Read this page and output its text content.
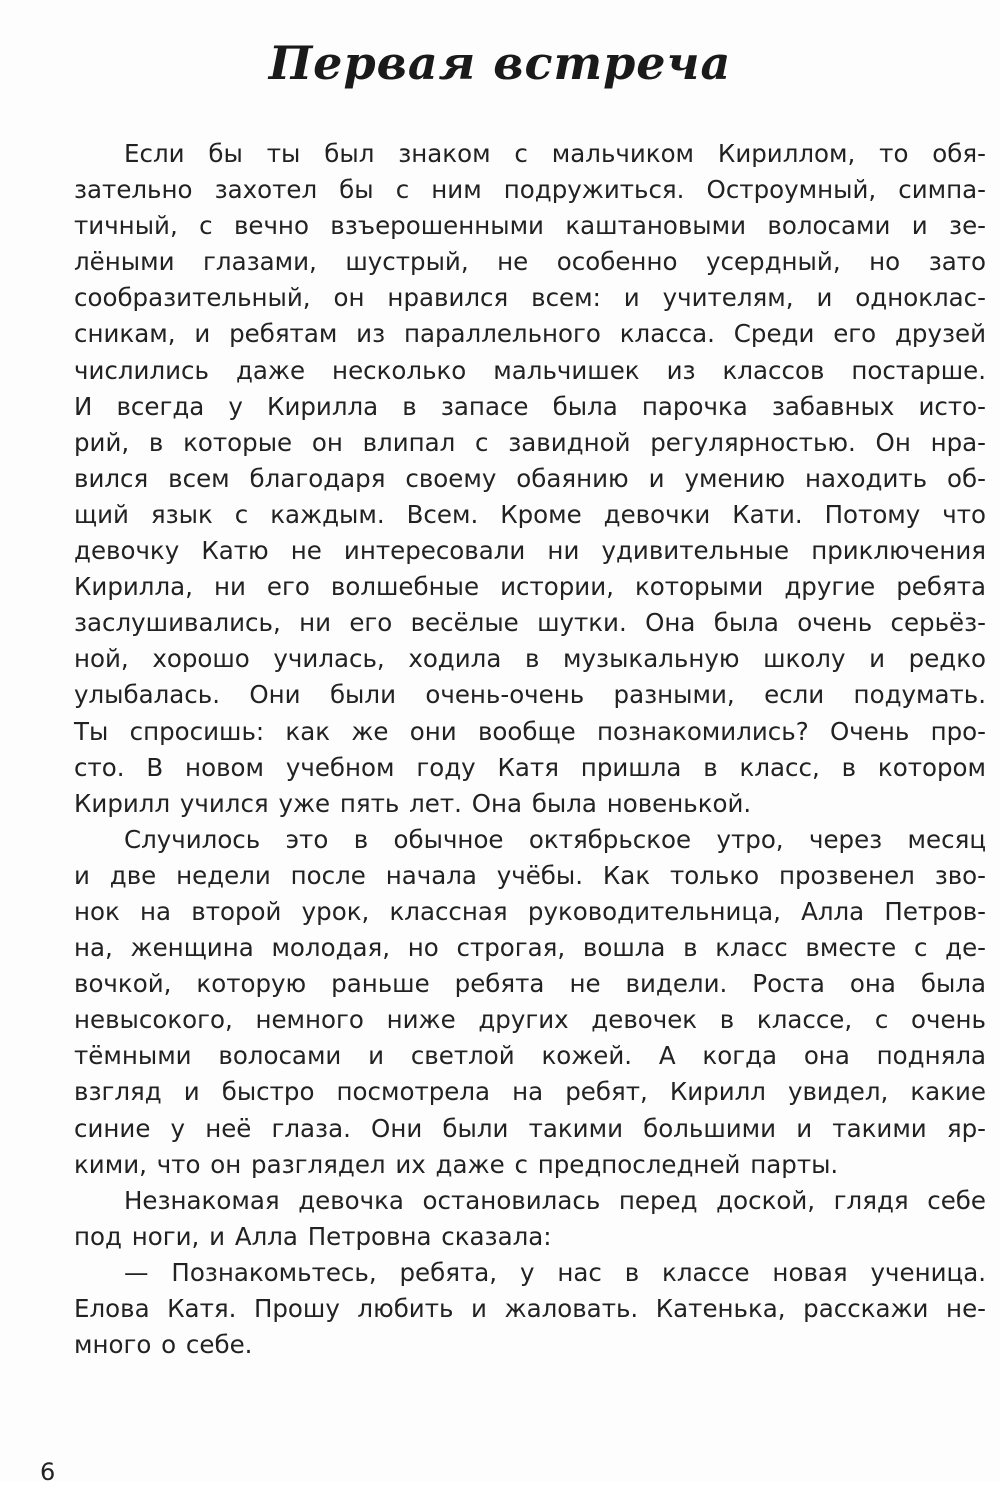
Первая встреча
Если бы ты был знаком с мальчиком Кириллом, то обя-
зательно захотел бы с ним подружиться. Остроумный, симпа-
тичный, с вечно взъерошенными каштановыми волосами и зе-
лёными глазами, шустрый, не особенно усердный, но зато
сообразительный, он нравился всем: и учителям, и одноклас-
сникам, и ребятам из параллельного класса. Среди его друзей
числились даже несколько мальчишек из классов постарше.
И всегда у Кирилла в запасе была парочка забавных исто-
рий, в которые он влипал с завидной регулярностью. Он нра-
вился всем благодаря своему обаянию и умению находить об-
щий язык с каждым. Всем. Кроме девочки Кати. Потому что
девочку Катю не интересовали ни удивительные приключения
Кирилла, ни его волшебные истории, которыми другие ребята
заслушивались, ни его весёлые шутки. Она была очень серьёз-
ной, хорошо училась, ходила в музыкальную школу и редко
улыбалась. Они были очень-очень разными, если подумать.
Ты спросишь: как же они вообще познакомились? Очень про-
сто. В новом учебном году Катя пришла в класс, в котором
Кирилл учился уже пять лет. Она была новенькой.
Случилось это в обычное октябрьское утро, через месяц
и две недели после начала учёбы. Как только прозвенел зво-
нок на второй урок, классная руководительница, Алла Петров-
на, женщина молодая, но строгая, вошла в класс вместе с де-
вочкой, которую раньше ребята не видели. Роста она была
невысокого, немного ниже других девочек в классе, с очень
тёмными волосами и светлой кожей. А когда она подняла
взгляд и быстро посмотрела на ребят, Кирилл увидел, какие
синие у неё глаза. Они были такими большими и такими яр-
кими, что он разглядел их даже с предпоследней парты.
Незнакомая девочка остановилась перед доской, глядя себе
под ноги, и Алла Петровна сказала:
— Познакомьтесь, ребята, у нас в классе новая ученица.
Елова Катя. Прошу любить и жаловать. Катенька, расскажи не-
много о себе.
6
